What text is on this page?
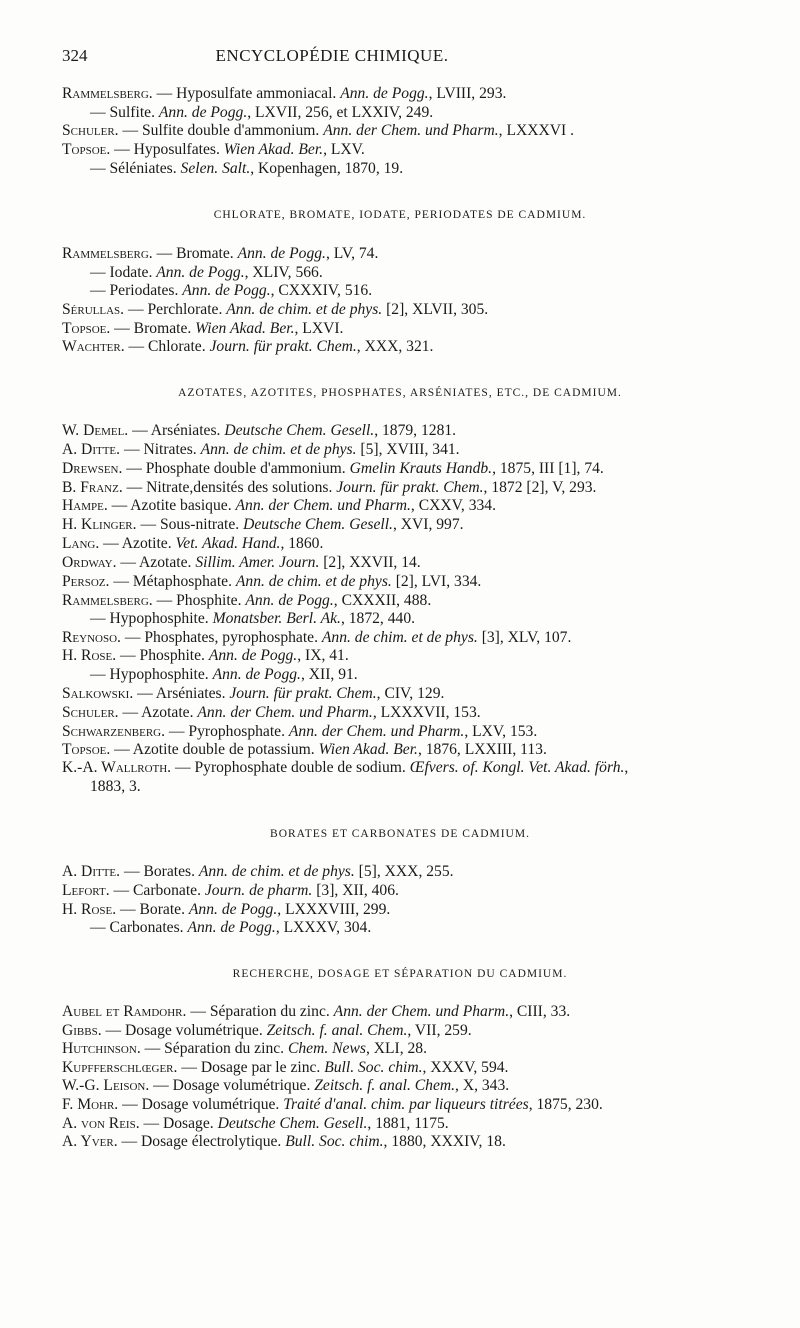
324	ENCYCLOPÉDIE CHIMIQUE.
Rammelsberg. — Hyposulfate ammoniacal. Ann. de Pogg., LVIII, 293.
— Sulfite. Ann. de Pogg., LXVII, 256, et LXXIV, 249.
Schuler. — Sulfite double d'ammonium. Ann. der Chem. und Pharm., LXXXVI .
Topsoe. — Hyposulfates. Wien Akad. Ber., LXV.
— Séléniates. Selen. Salt., Kopenhagen, 1870, 19.
CHLORATE, BROMATE, IODATE, PERIODATES DE CADMIUM.
Rammelsberg. — Bromate. Ann. de Pogg., LV, 74.
— Iodate. Ann. de Pogg., XLIV, 566.
— Periodates. Ann. de Pogg., CXXXIV, 516.
Sérullas. — Perchlorate. Ann. de chim. et de phys. [2], XLVII, 305.
Topsoe. — Bromate. Wien Akad. Ber., LXVI.
Wachter. — Chlorate. Journ. für prakt. Chem., XXX, 321.
AZOTATES, AZOTITES, PHOSPHATES, ARSÉNIATES, ETC., DE CADMIUM.
W. Demel. — Arséniates. Deutsche Chem. Gesell., 1879, 1281.
A. Ditte. — Nitrates. Ann. de chim. et de phys. [5], XVIII, 341.
Drewsen. — Phosphate double d'ammonium. Gmelin Krauts Handb., 1875, III [1], 74.
B. Franz. — Nitrate,densités des solutions. Journ. für prakt. Chem., 1872 [2], V, 293.
Hampe. — Azotite basique. Ann. der Chem. und Pharm., CXXV, 334.
H. Klinger. — Sous-nitrate. Deutsche Chem. Gesell., XVI, 997.
Lang. — Azotite. Vet. Akad. Hand., 1860.
Ordway. — Azotate. Sillim. Amer. Journ. [2], XXVII, 14.
Persoz. — Métaphosphate. Ann. de chim. et de phys. [2], LVI, 334.
Rammelsberg. — Phosphite. Ann. de Pogg., CXXXII, 488.
— Hypophosphite. Monatsber. Berl. Ak., 1872, 440.
Reynoso. — Phosphates, pyrophosphate. Ann. de chim. et de phys. [3], XLV, 107.
H. Rose. — Phosphite. Ann. de Pogg., IX, 41.
— Hypophosphite. Ann. de Pogg., XII, 91.
Salkowski. — Arséniates. Journ. für prakt. Chem., CIV, 129.
Schuler. — Azotate. Ann. der Chem. und Pharm., LXXXVII, 153.
Schwarzenberg. — Pyrophosphate. Ann. der Chem. und Pharm., LXV, 153.
Topsoe. — Azotite double de potassium. Wien Akad. Ber., 1876, LXXIII, 113.
K.-A. Wallroth. — Pyrophosphate double de sodium. Œfvers. of. Kongl. Vet. Akad. förh.,
1883, 3.
BORATES ET CARBONATES DE CADMIUM.
A. Ditte. — Borates. Ann. de chim. et de phys. [5], XXX, 255.
Lefort. — Carbonate. Journ. de pharm. [3], XII, 406.
H. Rose. — Borate. Ann. de Pogg., LXXXVIII, 299.
— Carbonates. Ann. de Pogg., LXXXV, 304.
RECHERCHE, DOSAGE ET SÉPARATION DU CADMIUM.
Aubel et Ramdohr. — Séparation du zinc. Ann. der Chem. und Pharm., CIII, 33.
Gibbs. — Dosage volumétrique. Zeitsch. f. anal. Chem., VII, 259.
Hutchinson. — Séparation du zinc. Chem. News, XLI, 28.
Kupfferschlœger. — Dosage par le zinc. Bull. Soc. chim., XXXV, 594.
W.-G. Leison. — Dosage volumétrique. Zeitsch. f. anal. Chem., X, 343.
F. Mohr. — Dosage volumétrique. Traité d'anal. chim. par liqueurs titrées, 1875, 230.
A. von Reis. — Dosage. Deutsche Chem. Gesell., 1881, 1175.
A. Yver. — Dosage électrolytique. Bull. Soc. chim., 1880, XXXIV, 18.
